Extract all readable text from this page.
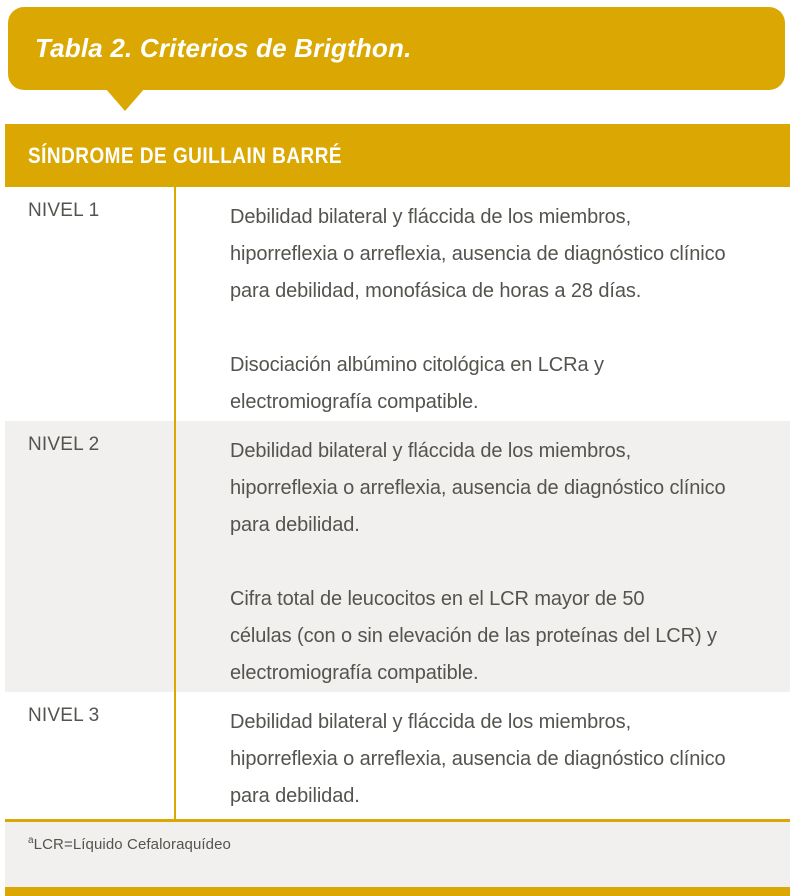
Tabla 2. Criterios de Brigthon.
SÍNDROME DE GUILLAIN BARRÉ
NIVEL 1	Debilidad bilateral y fláccida de los miembros,
hiporreflexia o arreflexia, ausencia de diagnóstico clínico
para debilidad, monofásica de horas a 28 días.
Disociación albúmino citológica en LCRa y
electromiografía compatible.
NIVEL 2	Debilidad bilateral y fláccida de los miembros,
hiporreflexia o arreflexia, ausencia de diagnóstico clínico
para debilidad.
Cifra total de leucocitos en el LCR mayor de 50
células (con o sin elevación de las proteínas del LCR) y
electromiografía compatible.
NIVEL 3	Debilidad bilateral y fláccida de los miembros,
hiporreflexia o arreflexia, ausencia de diagnóstico clínico
para debilidad.
$^a$LCR=Líquido Cefaloraquídeo
